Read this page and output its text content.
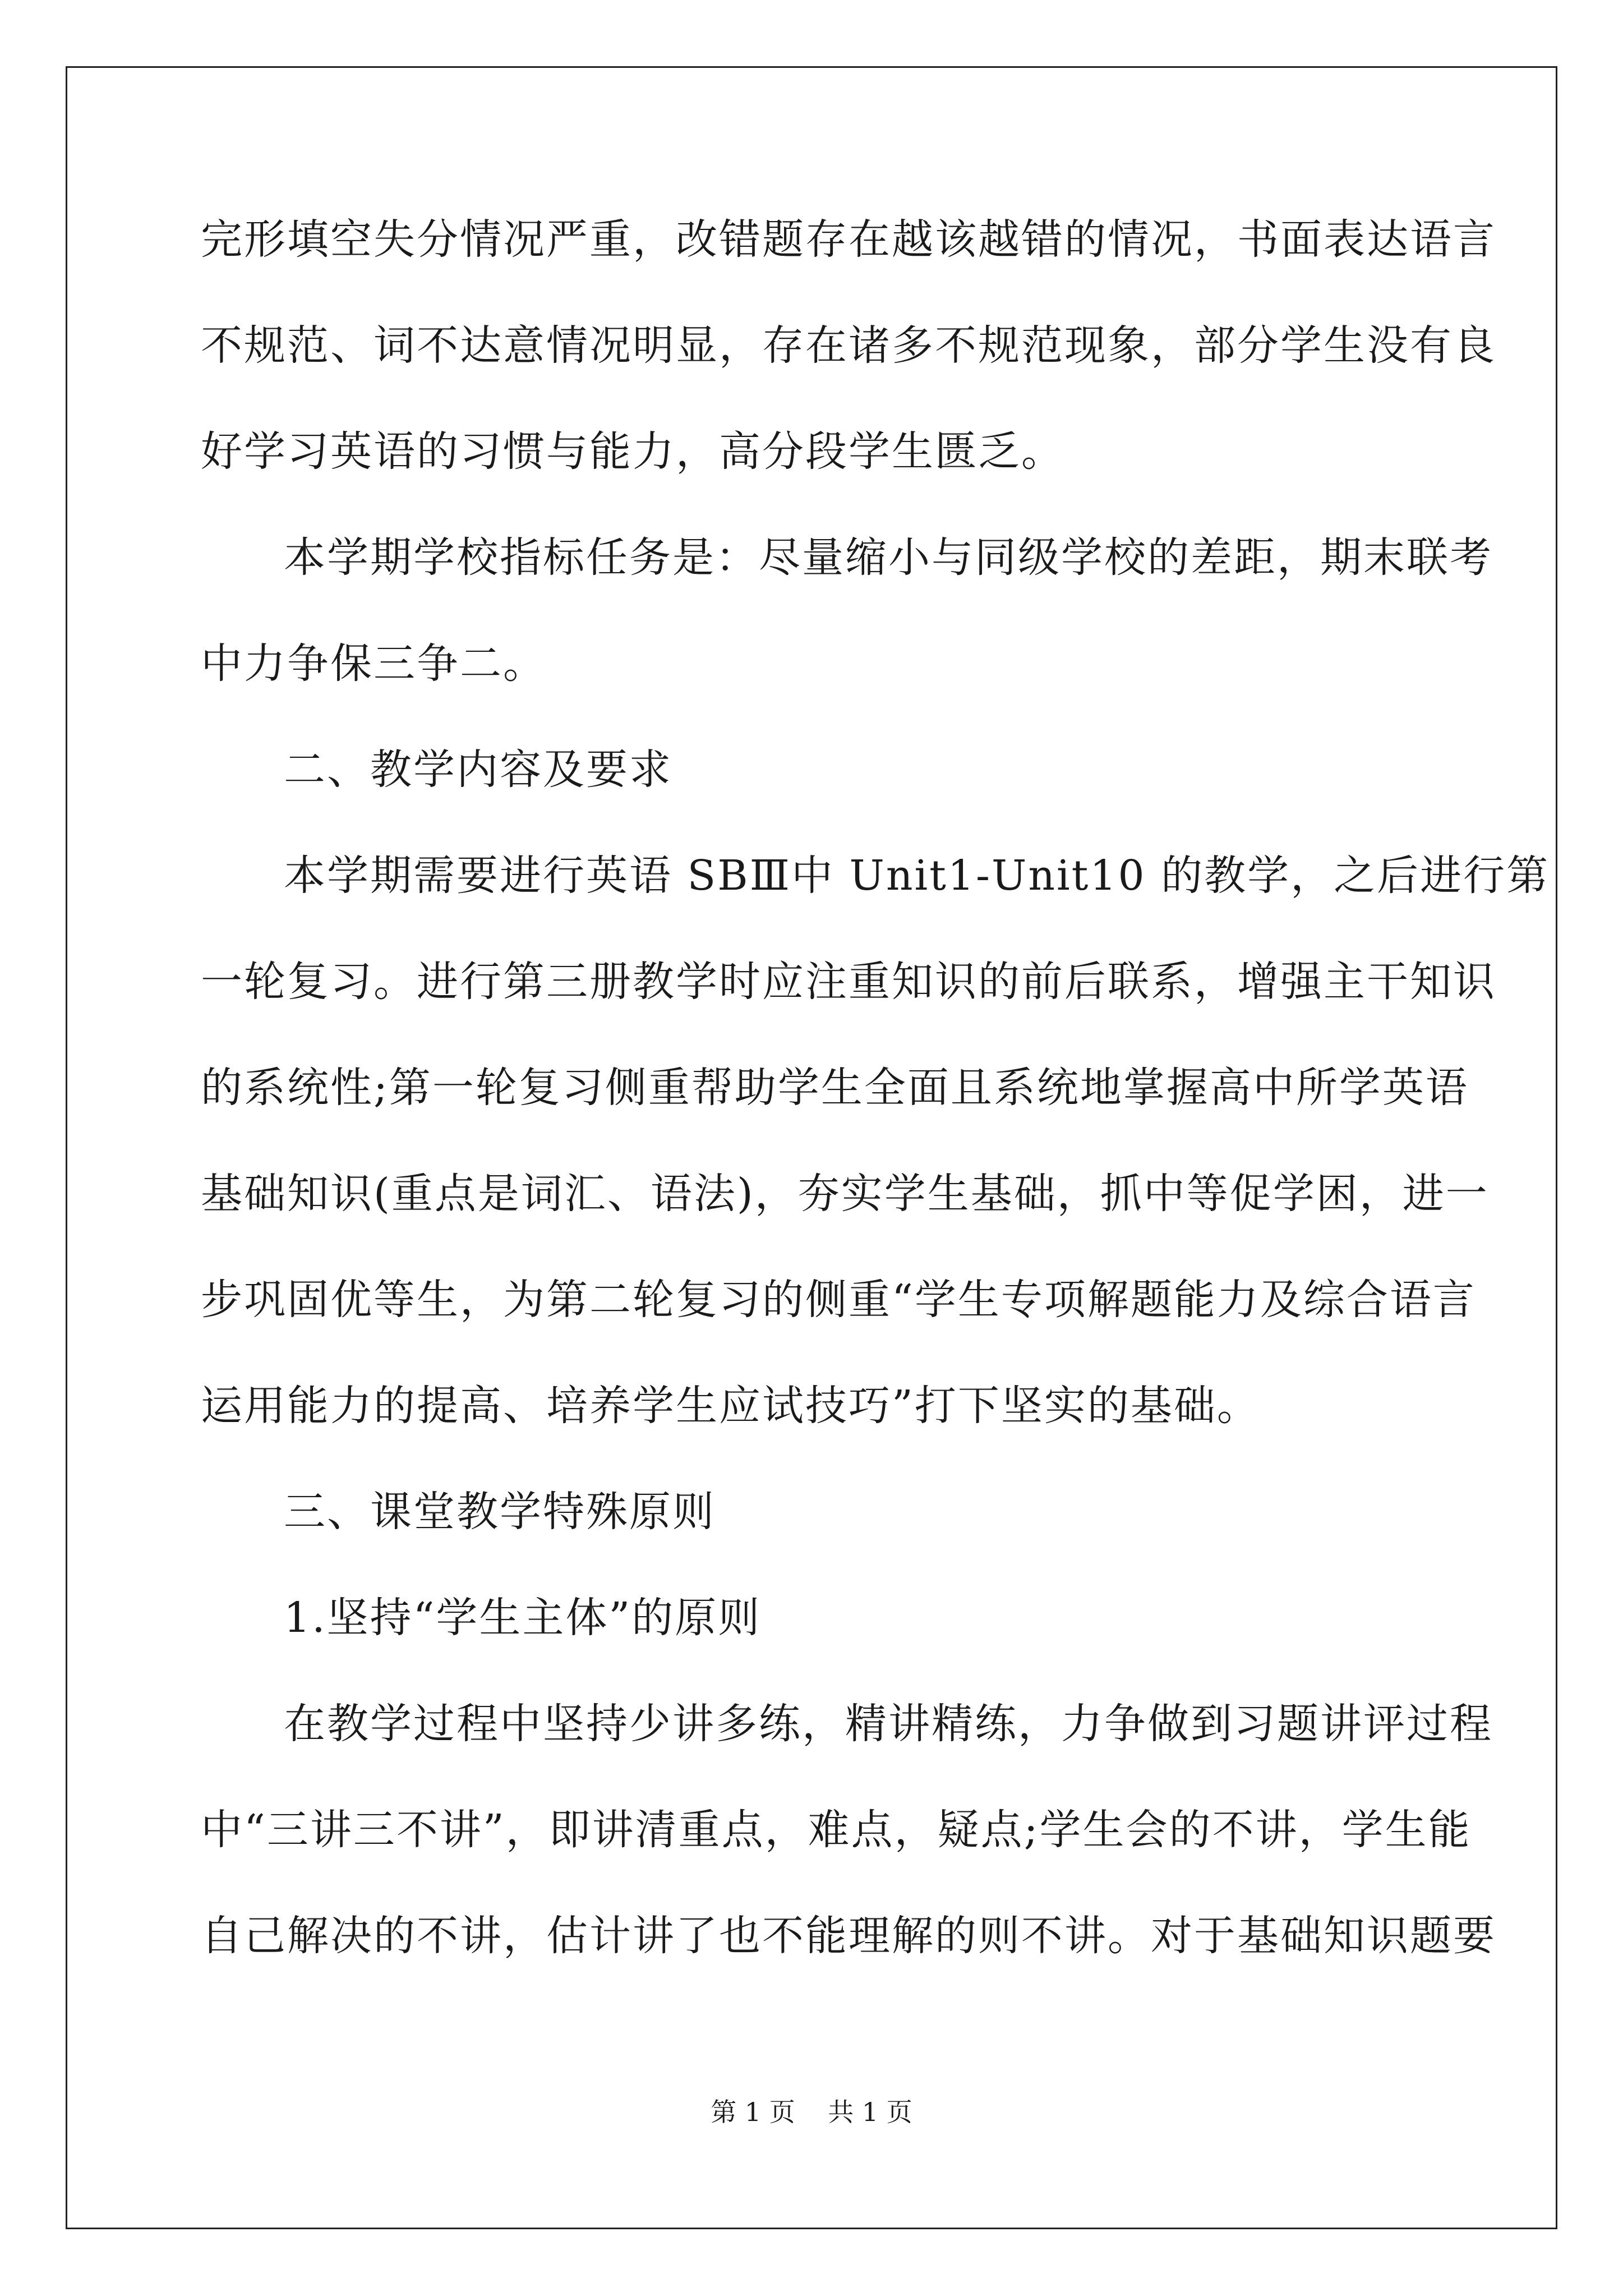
完形填空失分情况严重，改错题存在越该越错的情况，书面表达语言
不规范、词不达意情况明显，存在诸多不规范现象，部分学生没有良
好学习英语的习惯与能力，高分段学生匮乏。
本学期学校指标任务是：尽量缩小与同级学校的差距，期末联考
中力争保三争二。
二、教学内容及要求
本学期需要进行英语 SBⅢ中 Unit1-Unit10 的教学，之后进行第
一轮复习。进行第三册教学时应注重知识的前后联系，增强主干知识
的系统性;第一轮复习侧重帮助学生全面且系统地掌握高中所学英语
基础知识(重点是词汇、语法)，夯实学生基础，抓中等促学困，进一
步巩固优等生，为第二轮复习的侧重“学生专项解题能力及综合语言
运用能力的提高、培养学生应试技巧”打下坚实的基础。
三、课堂教学特殊原则
1.坚持“学生主体”的原则
在教学过程中坚持少讲多练，精讲精练，力争做到习题讲评过程
中“三讲三不讲”，即讲清重点，难点，疑点;学生会的不讲，学生能
自己解决的不讲，估计讲了也不能理解的则不讲。对于基础知识题要
第 1 页    共 1 页
